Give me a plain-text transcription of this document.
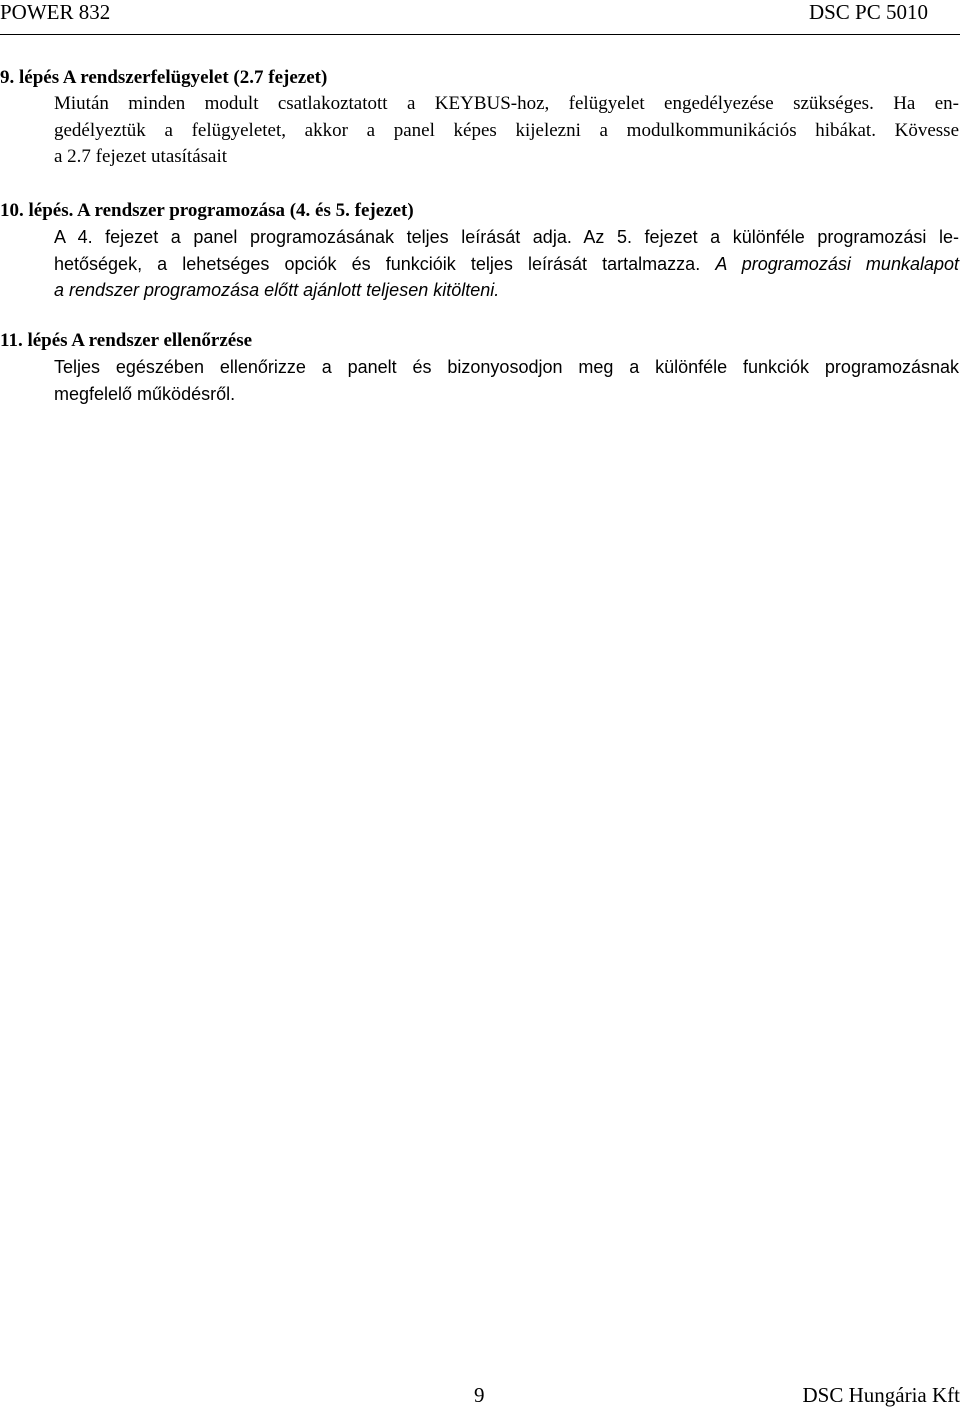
POWER 832	DSC PC 5010

9. lépés A rendszerfelügyelet (2.7 fejezet)

Miután minden modult csatlakoztatott a KEYBUS-hoz, felügyelet engedélyezése szükséges. Ha en-
gedélyeztük a felügyeletet, akkor a panel képes kijelezni a modulkommunikációs hibákat. Kövesse
a 2.7 fejezet utasításait

10. lépés. A rendszer programozása (4. és 5. fejezet)

A 4. fejezet a panel programozásának teljes leírását adja. Az 5. fejezet a különféle programozási le-
hetőségek, a lehetséges opciók és funkcióik teljes leírását tartalmazza. A programozási munkalapot
a rendszer programozása előtt ajánlott teljesen kitölteni.

11. lépés A rendszer ellenőrzése

Teljes egészében ellenőrizze a panelt és bizonyosodjon meg a különféle funkciók programozásnak
megfelelő működésről.

9	DSC Hungária Kft
